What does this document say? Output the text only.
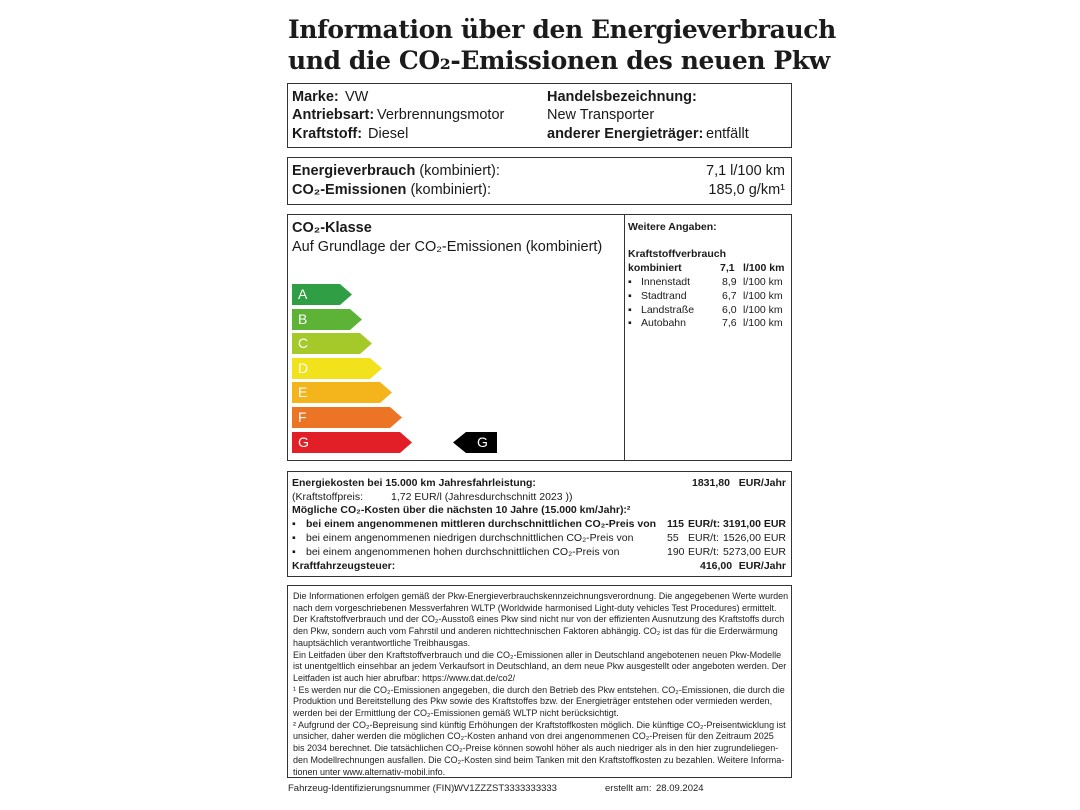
Information über den Energieverbrauch
und die CO₂-Emissionen des neuen Pkw
Marke: VW
Antriebsart: Verbrennungsmotor
Kraftstoff: Diesel
Handelsbezeichnung:
New Transporter
anderer Energieträger: entfällt
Energieverbrauch (kombiniert):	7,1 l/100 km
CO₂-Emissionen (kombiniert):	185,0 g/km¹
CO₂-Klasse
Auf Grundlage der CO₂-Emissionen (kombiniert)
A
B
C
D
E
F
G
Weitere Angaben:
Kraftstoffverbrauch
kombiniert	7,1 l/100 km
▪ Innenstadt	8,9 l/100 km
▪ Stadtrand	6,7 l/100 km
▪ Landstraße	6,0 l/100 km
▪ Autobahn	7,6 l/100 km
G
Energiekosten bei 15.000 km Jahresfahrleistung:	1831,80 EUR/Jahr
(Kraftstoffpreis:	1,72 EUR/l (Jahresdurchschnitt 2023 ))
Mögliche CO₂-Kosten über die nächsten 10 Jahre (15.000 km/Jahr):²
▪ bei einem angenommenen mittleren durchschnittlichen CO₂-Preis von 115 EUR/t: 3191,00 EUR
▪ bei einem angenommenen niedrigen durchschnittlichen CO₂-Preis von	55 EUR/t: 1526,00 EUR
▪ bei einem angenommenen hohen durchschnittlichen CO₂-Preis von	190 EUR/t: 5273,00 EUR
Kraftfahrzeugsteuer:	416,00 EUR/Jahr
Die Informationen erfolgen gemäß der Pkw-Energieverbrauchskennzeichnungsverordnung. Die angegebenen Werte wurden
nach dem vorgeschriebenen Messverfahren WLTP (Worldwide harmonised Light-duty vehicles Test Procedures) ermittelt.
Der Kraftstoffverbrauch und der CO₂-Ausstoß eines Pkw sind nicht nur von der effizienten Ausnutzung des Kraftstoffs durch
den Pkw, sondern auch vom Fahrstil und anderen nichttechnischen Faktoren abhängig. CO₂ ist das für die Erderwärmung
hauptsächlich verantwortliche Treibhausgas.
Ein Leitfaden über den Kraftstoffverbrauch und die CO₂-Emissionen aller in Deutschland angebotenen neuen Pkw-Modelle
ist unentgeltlich einsehbar an jedem Verkaufsort in Deutschland, an dem neue Pkw ausgestellt oder angeboten werden. Der
Leitfaden ist auch hier abrufbar: https://www.dat.de/co2/
¹ Es werden nur die CO₂-Emissionen angegeben, die durch den Betrieb des Pkw entstehen. CO₂-Emissionen, die durch die
Produktion und Bereitstellung des Pkw sowie des Kraftstoffes bzw. der Energieträger entstehen oder vermieden werden,
werden bei der Ermittlung der CO₂-Emissionen gemäß WLTP nicht berücksichtigt.
² Aufgrund der CO₂-Bepreisung sind künftig Erhöhungen der Kraftstoffkosten möglich. Die künftige CO₂-Preisentwicklung ist
unsicher, daher werden die möglichen CO₂-Kosten anhand von drei angenommenen CO₂-Preisen für den Zeitraum 2025
bis 2034 berechnet. Die tatsächlichen CO₂-Preise können sowohl höher als auch niedriger als in den hier zugrundeliegen-
den Modellrechnungen ausfallen. Die CO₂-Kosten sind beim Tanken mit den Kraftstoffkosten zu bezahlen. Weitere Informa-
tionen unter www.alternativ-mobil.info.
Fahrzeug-Identifizierungsnummer (FIN):
WV1ZZZST3333333333	erstellt am: 28.09.2024
